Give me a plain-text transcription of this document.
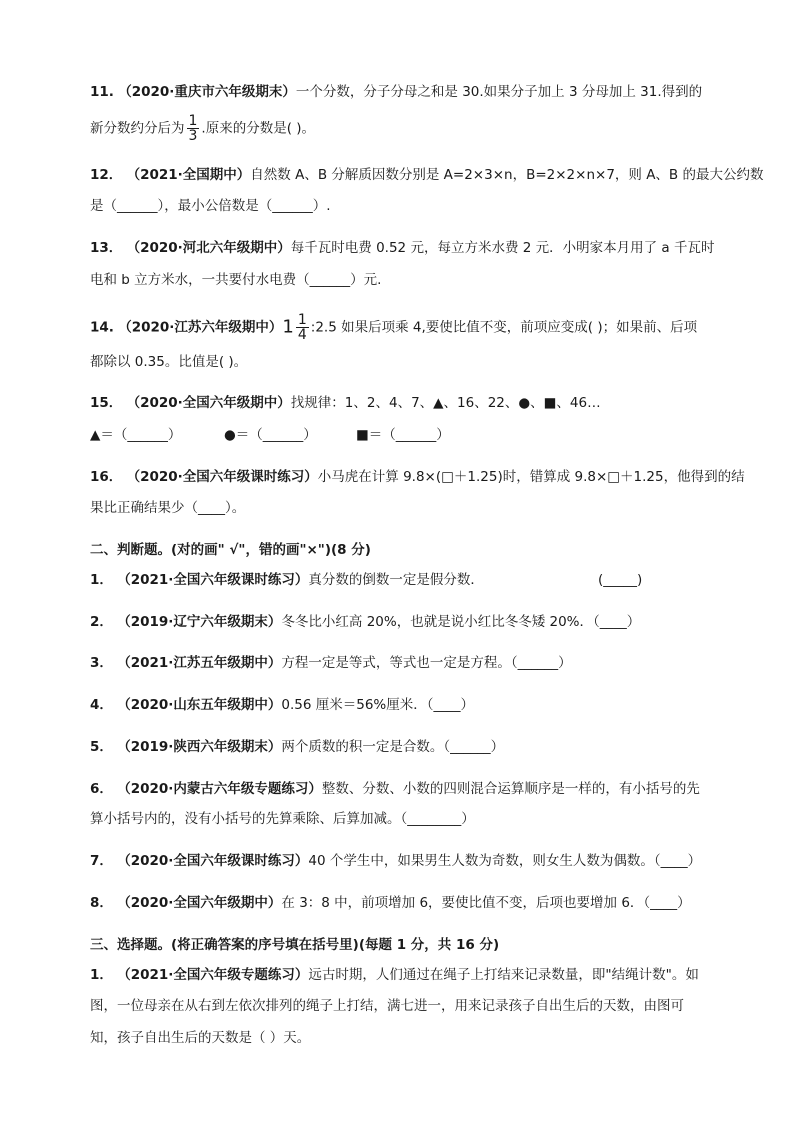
11. （2020·重庆市六年级期末）一个分数，分子分母之和是 30.如果分子加上 3 分母加上 31.得到的
新分数约分后为 $\frac{1}{3}$ .原来的分数是( )。
12． （2021·全国期中）自然数 A、B 分解质因数分别是 A=2×3×n，B=2×2×n×7，则 A、B 的最大公约数
是（______），最小公倍数是（______）.
13． （2020·河北六年级期中）每千瓦时电费 0.52 元，每立方米水费 2 元．小明家本月用了 a 千瓦时
电和 b 立方米水，一共要付水电费（______）元.
14. （2020·江苏六年级期中）$1 \frac{1}{4}$ :2.5 如果后项乘 4,要使比值不变，前项应变成( )；如果前、后项
都除以 0.35。比值是( )。
15． （2020·全国六年级期中）找规律：1、2、4、7、▲、16、22、●、■、46…
▲＝（______）	●＝（______）	■＝（______）
16． （2020·全国六年级课时练习）小马虎在计算 9.8×(□＋1.25)时，错算成 9.8×□＋1.25，他得到的结
果比正确结果少（____）。
二、判断题。(对的画" √"，错的画"×")(8 分)
1． （2021·全国六年级课时练习）真分数的倒数一定是假分数．	(_____)
2． （2019·辽宁六年级期末）冬冬比小红高 20%，也就是说小红比冬冬矮 20%．（____）
3． （2021·江苏五年级期中）方程一定是等式，等式也一定是方程。（______）
4． （2020·山东五年级期中）0.56 厘米＝56%厘米．（____）
5． （2019·陕西六年级期末）两个质数的积一定是合数。（______）
6． （2020·内蒙古六年级专题练习）整数、分数、小数的四则混合运算顺序是一样的，有小括号的先
算小括号内的，没有小括号的先算乘除、后算加减。（________）
7． （2020·全国六年级课时练习）40 个学生中，如果男生人数为奇数，则女生人数为偶数。（____）
8． （2020·全国六年级期中）在 3：8 中，前项增加 6，要使比值不变，后项也要增加 6．（____）
三、选择题。(将正确答案的序号填在括号里)(每题 1 分，共 16 分)
1． （2021·全国六年级专题练习）远古时期，人们通过在绳子上打结来记录数量，即"结绳计数"。如
图，一位母亲在从右到左依次排列的绳子上打结，满七进一，用来记录孩子自出生后的天数，由图可
知，孩子自出生后的天数是（ ）天。
